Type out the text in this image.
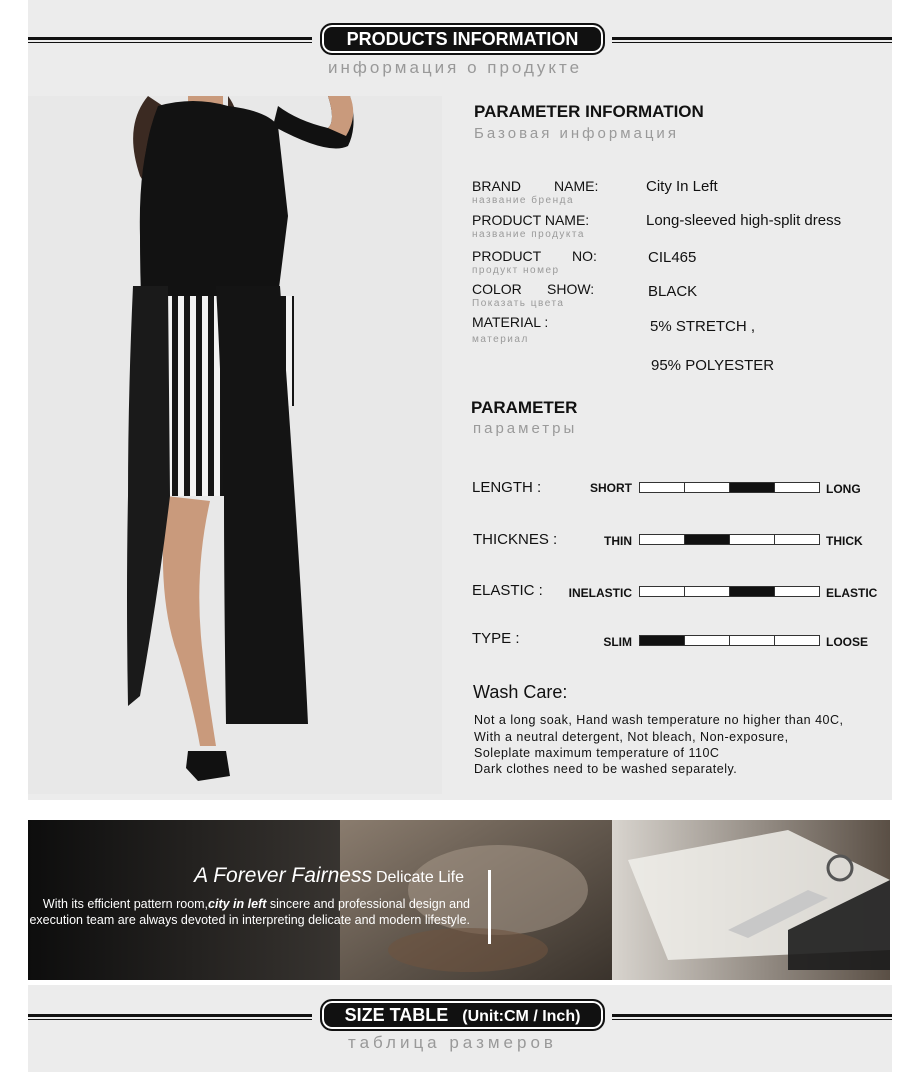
PRODUCTS INFORMATION
информация о продукте
PARAMETER INFORMATION
Базовая информация
BRAND NAME:
название бренда
City In Left
PRODUCT NAME:
название продукта
Long-sleeved high-split dress
PRODUCT NO:
продукт номер
CIL465
COLOR SHOW:
Показать цвета
BLACK
MATERIAL :
материал
5% STRETCH ,
95% POLYESTER
PARAMETER
параметры
LENGTH :	SHORT	LONG
THICKNES :	THIN	THICK
ELASTIC :	INELASTIC	ELASTIC
TYPE :	SLIM	LOOSE
Wash Care:
Not a long soak, Hand wash temperature no higher than 40C,
With a neutral detergent, Not bleach, Non-exposure,
Soleplate maximum temperature of 110C
Dark clothes need to be washed separately.
A Forever Fairness Delicate Life
With its efficient pattern room,city in left sincere and professional design and execution team are always devoted in interpreting delicate and modern lifestyle.
SIZE TABLE (Unit:CM / Inch)
таблица размеров
